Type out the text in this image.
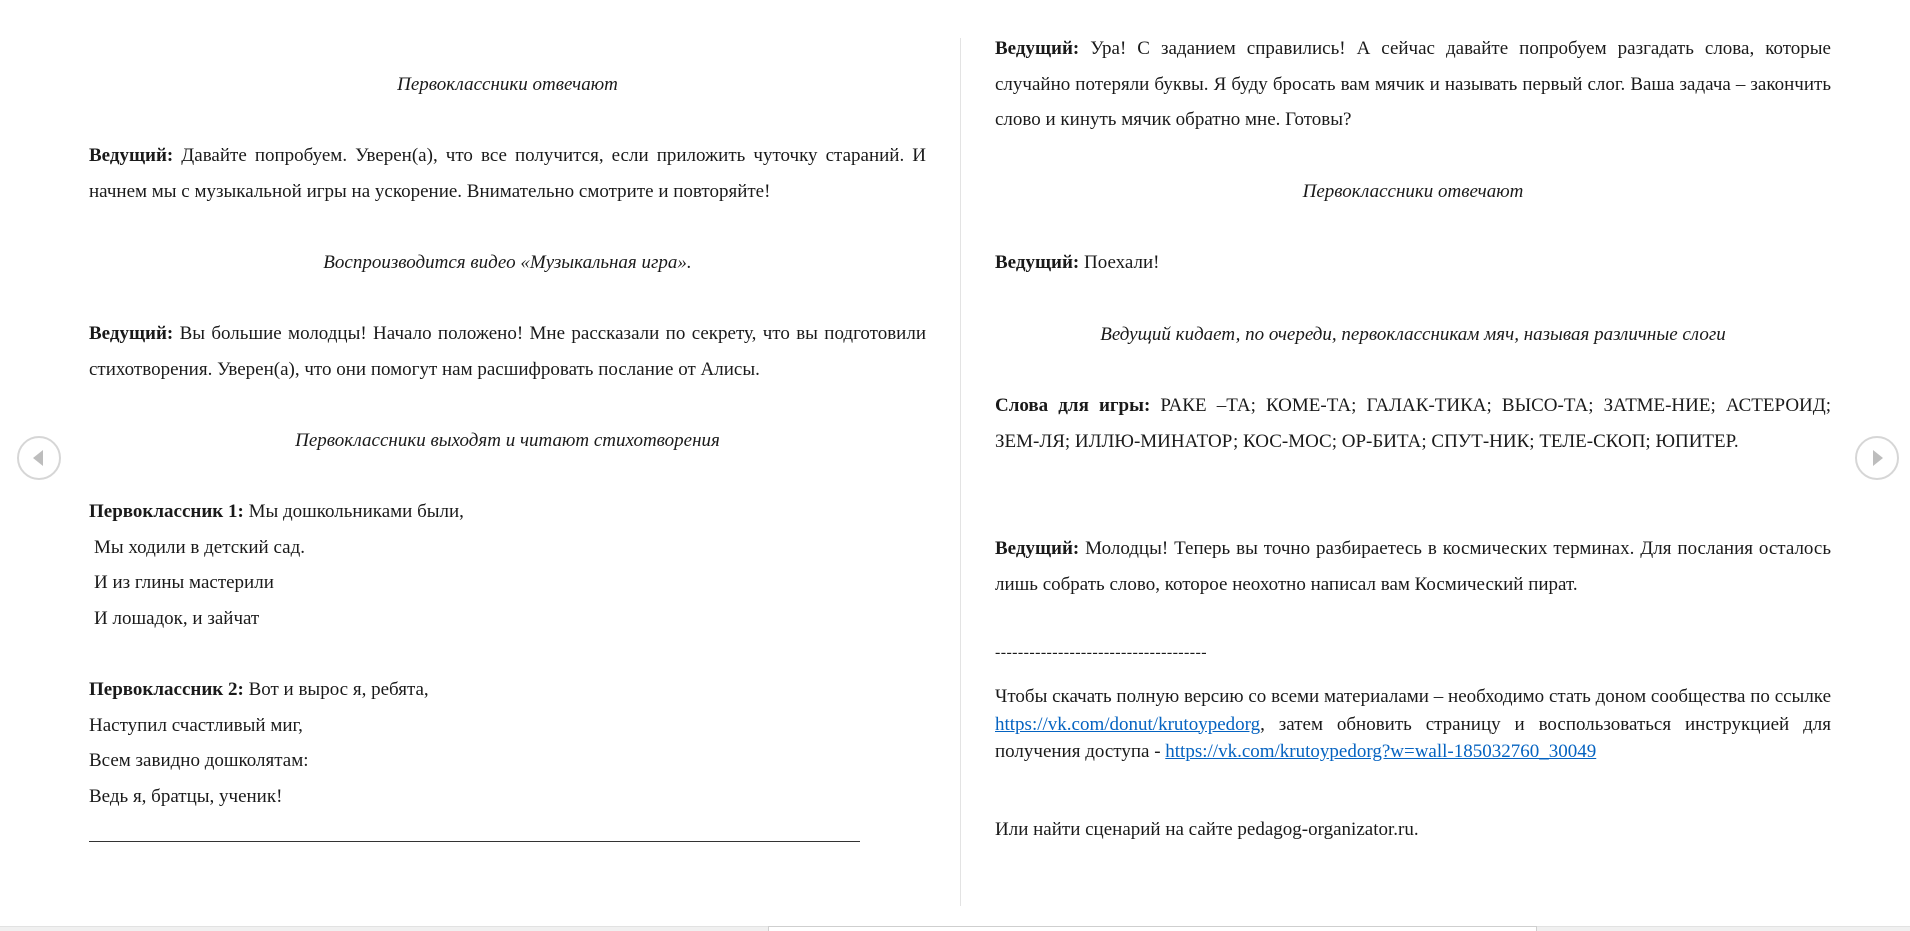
Первоклассники отвечают

Ведущий: Давайте попробуем. Уверен(а), что все получится, если приложить чуточку стараний. И начнем мы с музыкальной игры на ускорение. Внимательно смотрите и повторяйте!

Воспроизводится видео «Музыкальная игра».

Ведущий: Вы большие молодцы! Начало положено! Мне рассказали по секрету, что вы подготовили стихотворения. Уверен(а), что они помогут нам расшифровать послание от Алисы.

Первоклассники выходят и читают стихотворения

Первоклассник 1: Мы дошкольниками были,
Мы ходили в детский сад.
И из глины мастерили
И лошадок, и зайчат
Первоклассник 2: Вот и вырос я, ребята,
Наступил счастливый миг,
Всем завидно дошколятам:
Ведь я, братцы, ученик!

Ведущий: Ура! С заданием справились! А сейчас давайте попробуем разгадать слова, которые случайно потеряли буквы. Я буду бросать вам мячик и называть первый слог. Ваша задача – закончить слово и кинуть мячик обратно мне. Готовы?

Первоклассники отвечают

Ведущий: Поехали!

Ведущий кидает, по очереди, первоклассникам мяч, называя различные слоги

Слова для игры: РАКЕ –ТА; КОМЕ-ТА; ГАЛАК-ТИКА; ВЫСО-ТА; ЗАТМЕ-НИЕ; АСТЕРОИД; ЗЕМ-ЛЯ; ИЛЛЮ-МИНАТОР; КОС-МОС; ОР-БИТА; СПУТ-НИК; ТЕЛЕ-СКОП; ЮПИТЕР.

Ведущий: Молодцы! Теперь вы точно разбираетесь в космических терминах. Для послания осталось лишь собрать слово, которое неохотно написал вам Космический пират.

-------------------------------------

Чтобы скачать полную версию со всеми материалами – необходимо стать доном сообщества по ссылке https://vk.com/donut/krutoypedorg, затем обновить страницу и воспользоваться инструкцией для получения доступа - https://vk.com/krutoypedorg?w=wall-185032760_30049

Или найти сценарий на сайте pedagog-organizator.ru.
